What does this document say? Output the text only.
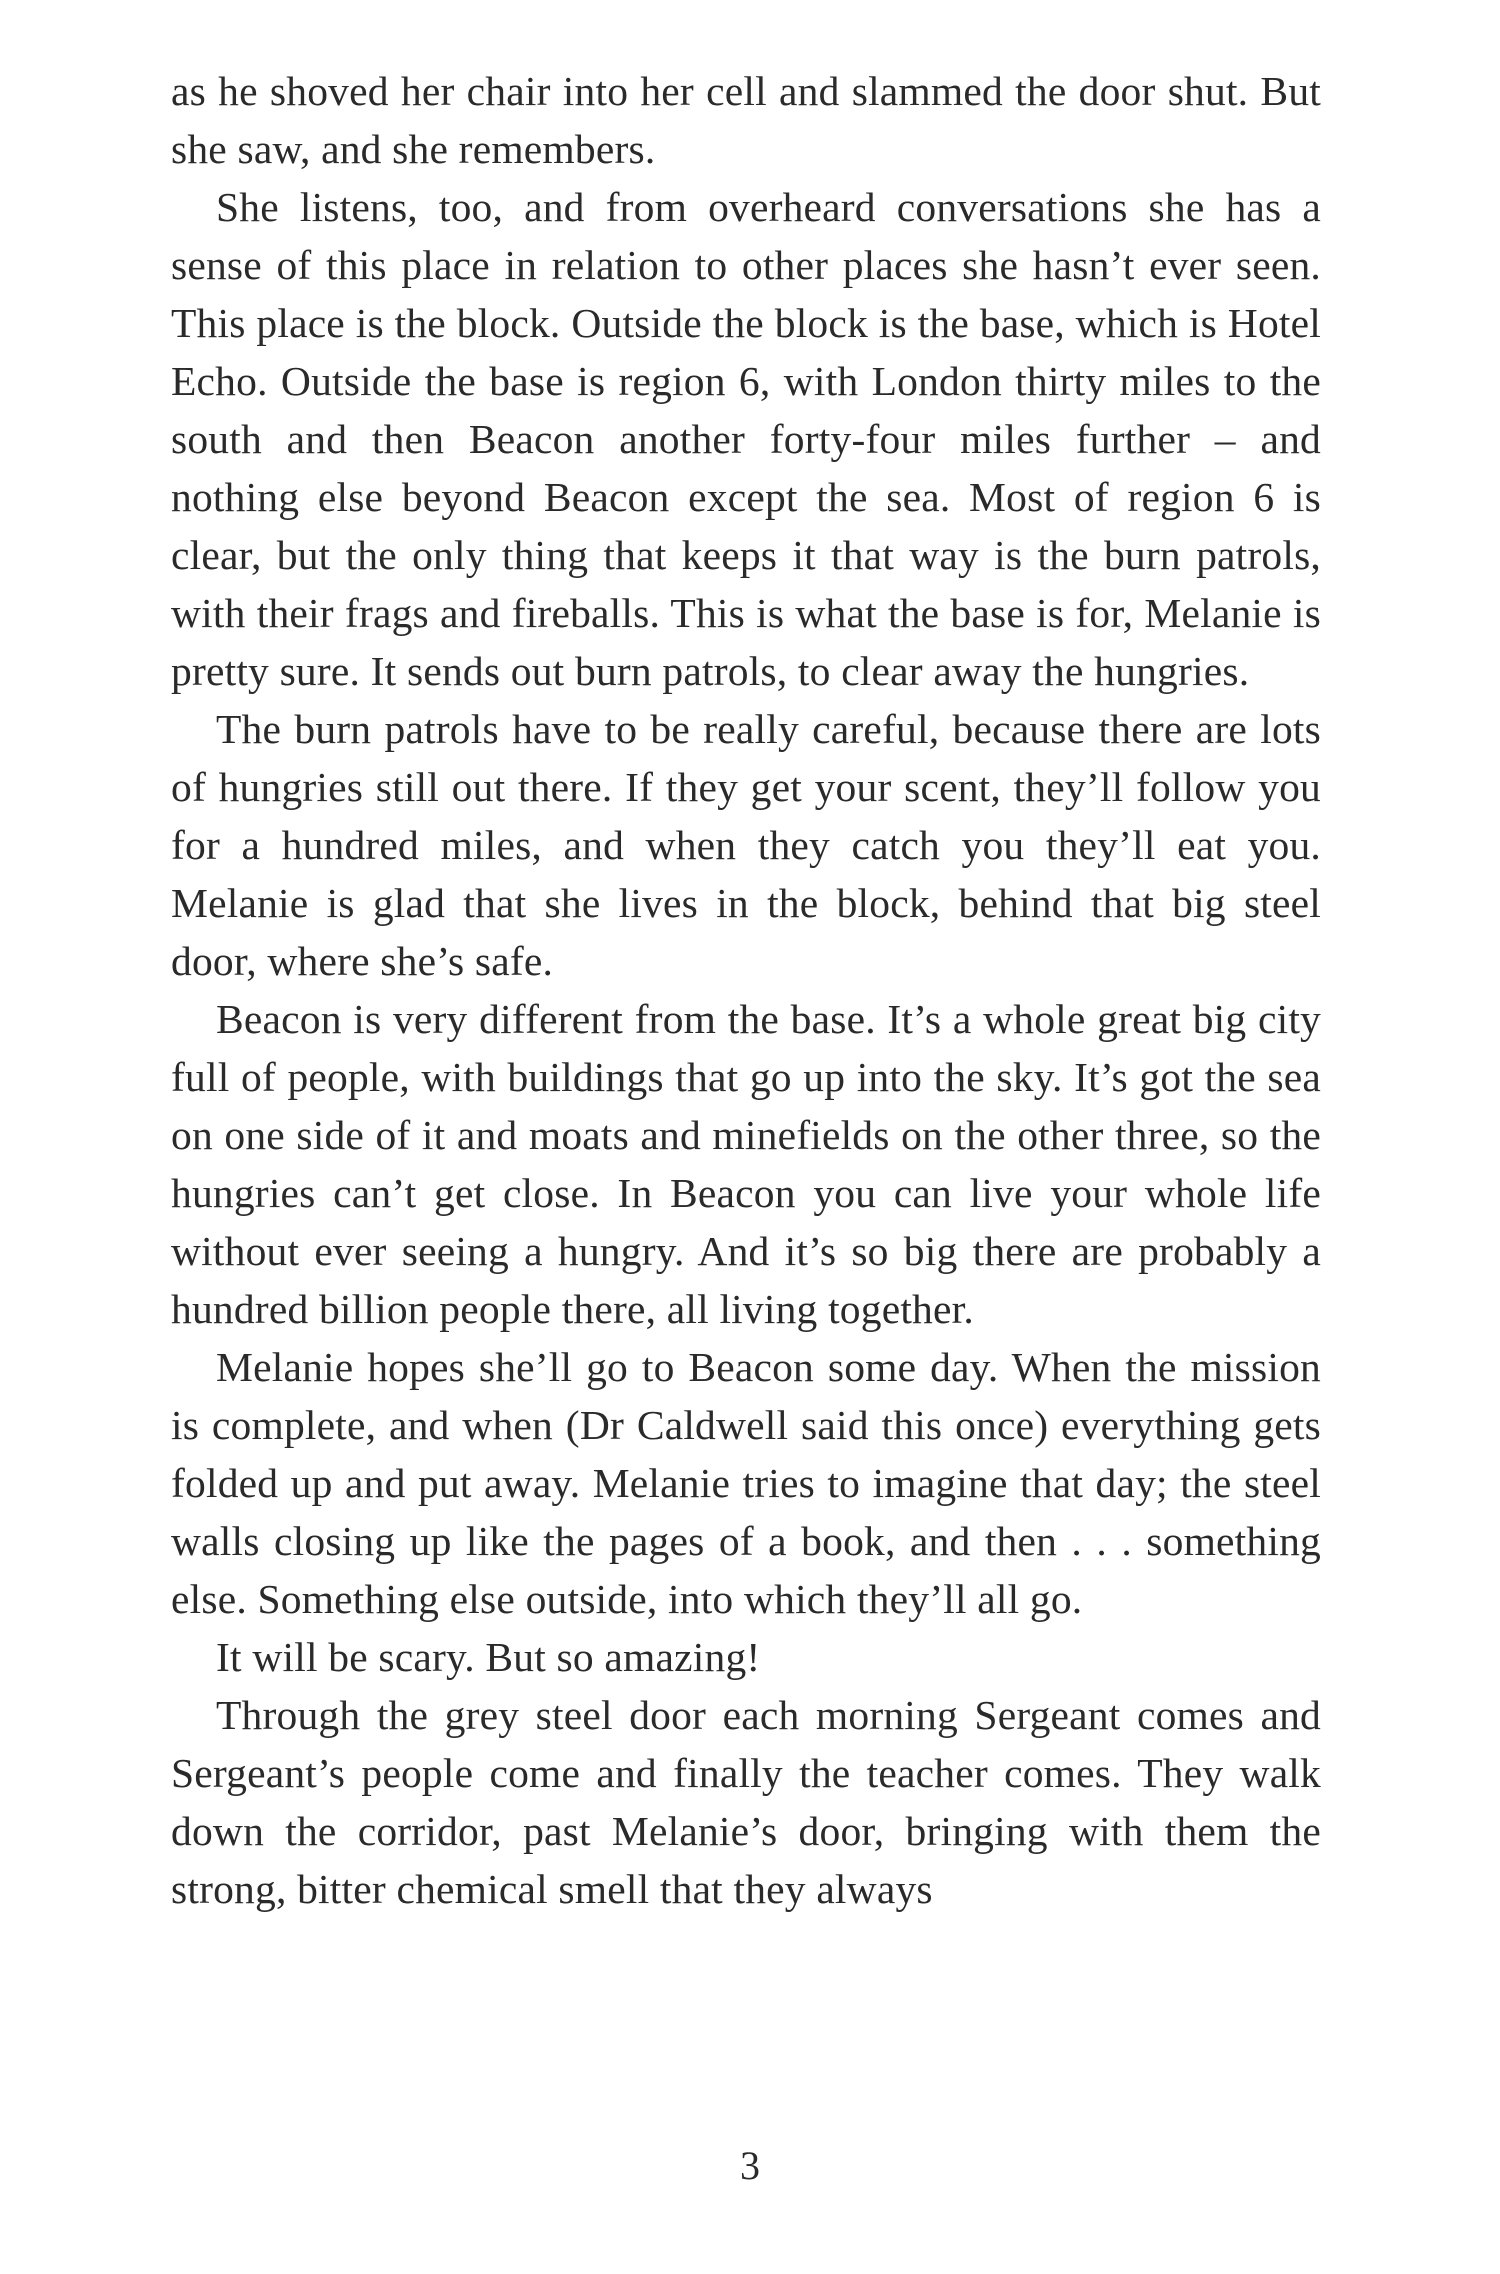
as he shoved her chair into her cell and slammed the door shut. But she saw, and she remembers.

She listens, too, and from overheard conversations she has a sense of this place in relation to other places she hasn’t ever seen. This place is the block. Outside the block is the base, which is Hotel Echo. Outside the base is region 6, with London thirty miles to the south and then Beacon another forty-four miles further – and nothing else beyond Beacon except the sea. Most of region 6 is clear, but the only thing that keeps it that way is the burn patrols, with their frags and fireballs. This is what the base is for, Melanie is pretty sure. It sends out burn patrols, to clear away the hungries.

The burn patrols have to be really careful, because there are lots of hungries still out there. If they get your scent, they’ll follow you for a hundred miles, and when they catch you they’ll eat you. Melanie is glad that she lives in the block, behind that big steel door, where she’s safe.

Beacon is very different from the base. It’s a whole great big city full of people, with buildings that go up into the sky. It’s got the sea on one side of it and moats and minefields on the other three, so the hungries can’t get close. In Beacon you can live your whole life without ever seeing a hungry. And it’s so big there are probably a hundred billion people there, all living together.

Melanie hopes she’ll go to Beacon some day. When the mission is complete, and when (Dr Caldwell said this once) everything gets folded up and put away. Melanie tries to imagine that day; the steel walls closing up like the pages of a book, and then . . . something else. Something else outside, into which they’ll all go.

It will be scary. But so amazing!

Through the grey steel door each morning Sergeant comes and Sergeant’s people come and finally the teacher comes. They walk down the corridor, past Melanie’s door, bringing with them the strong, bitter chemical smell that they always

3
